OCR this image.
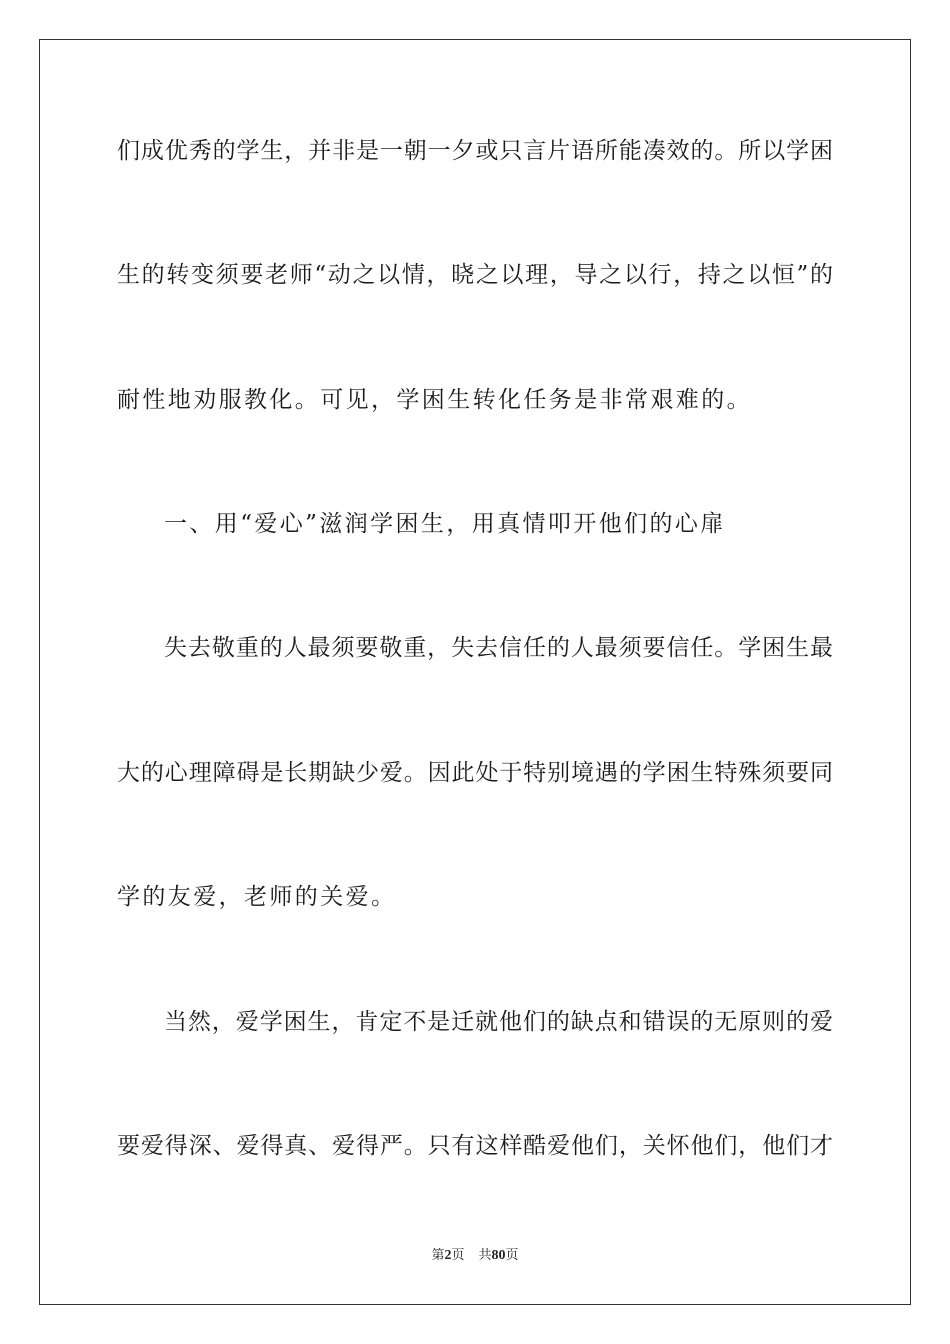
们成优秀的学生，并非是一朝一夕或只言片语所能凑效的。所以学困
生的转变须要老师“动之以情，晓之以理，导之以行，持之以恒”的
耐性地劝服教化。可见，学困生转化任务是非常艰难的。
一、用“爱心”滋润学困生，用真情叩开他们的心扉
失去敬重的人最须要敬重，失去信任的人最须要信任。学困生最
大的心理障碍是长期缺少爱。因此处于特别境遇的学困生特殊须要同
学的友爱，老师的关爱。
当然，爱学困生，肯定不是迁就他们的缺点和错误的无原则的爱
要爱得深、爱得真、爱得严。只有这样酷爱他们，关怀他们，他们才
第2页 共80页
